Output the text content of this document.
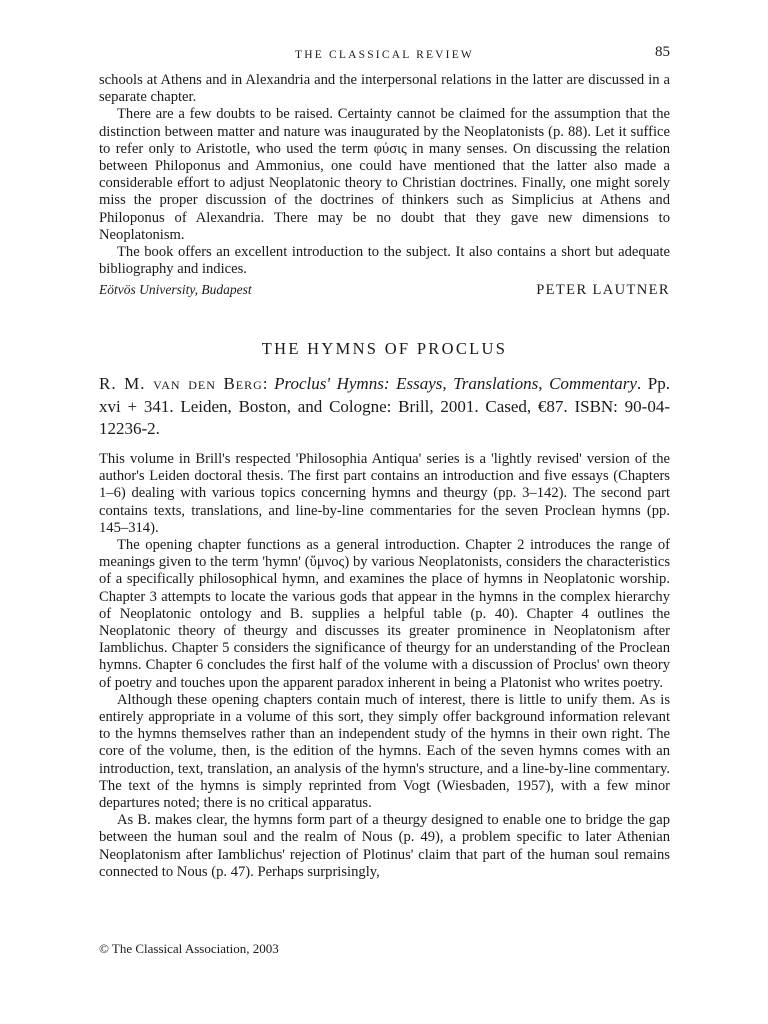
THE CLASSICAL REVIEW	85

schools at Athens and in Alexandria and the interpersonal relations in the latter are discussed in a separate chapter.

There are a few doubts to be raised. Certainty cannot be claimed for the assumption that the distinction between matter and nature was inaugurated by the Neoplatonists (p. 88). Let it suffice to refer only to Aristotle, who used the term φύσις in many senses. On discussing the relation between Philoponus and Ammonius, one could have mentioned that the latter also made a considerable effort to adjust Neoplatonic theory to Christian doctrines. Finally, one might sorely miss the proper discussion of the doctrines of thinkers such as Simplicius at Athens and Philoponus of Alexandria. There may be no doubt that they gave new dimensions to Neoplatonism.

The book offers an excellent introduction to the subject. It also contains a short but adequate bibliography and indices.

Eötvös University, Budapest	PETER LAUTNER
THE HYMNS OF PROCLUS
R. M. van den Berg: Proclus' Hymns: Essays, Translations, Commentary. Pp. xvi + 341. Leiden, Boston, and Cologne: Brill, 2001. Cased, €87. ISBN: 90-04-12236-2.

This volume in Brill's respected 'Philosophia Antiqua' series is a 'lightly revised' version of the author's Leiden doctoral thesis. The first part contains an introduction and five essays (Chapters 1–6) dealing with various topics concerning hymns and theurgy (pp. 3–142). The second part contains texts, translations, and line-by-line commentaries for the seven Proclean hymns (pp. 145–314).

The opening chapter functions as a general introduction. Chapter 2 introduces the range of meanings given to the term 'hymn' (ὕμνος) by various Neoplatonists, considers the characteristics of a specifically philosophical hymn, and examines the place of hymns in Neoplatonic worship. Chapter 3 attempts to locate the various gods that appear in the hymns in the complex hierarchy of Neoplatonic ontology and B. supplies a helpful table (p. 40). Chapter 4 outlines the Neoplatonic theory of theurgy and discusses its greater prominence in Neoplatonism after Iamblichus. Chapter 5 considers the significance of theurgy for an understanding of the Proclean hymns. Chapter 6 concludes the first half of the volume with a discussion of Proclus' own theory of poetry and touches upon the apparent paradox inherent in being a Platonist who writes poetry.

Although these opening chapters contain much of interest, there is little to unify them. As is entirely appropriate in a volume of this sort, they simply offer background information relevant to the hymns themselves rather than an independent study of the hymns in their own right. The core of the volume, then, is the edition of the hymns. Each of the seven hymns comes with an introduction, text, translation, an analysis of the hymn's structure, and a line-by-line commentary. The text of the hymns is simply reprinted from Vogt (Wiesbaden, 1957), with a few minor departures noted; there is no critical apparatus.

As B. makes clear, the hymns form part of a theurgy designed to enable one to bridge the gap between the human soul and the realm of Nous (p. 49), a problem specific to later Athenian Neoplatonism after Iamblichus' rejection of Plotinus' claim that part of the human soul remains connected to Nous (p. 47). Perhaps surprisingly,

© The Classical Association, 2003
